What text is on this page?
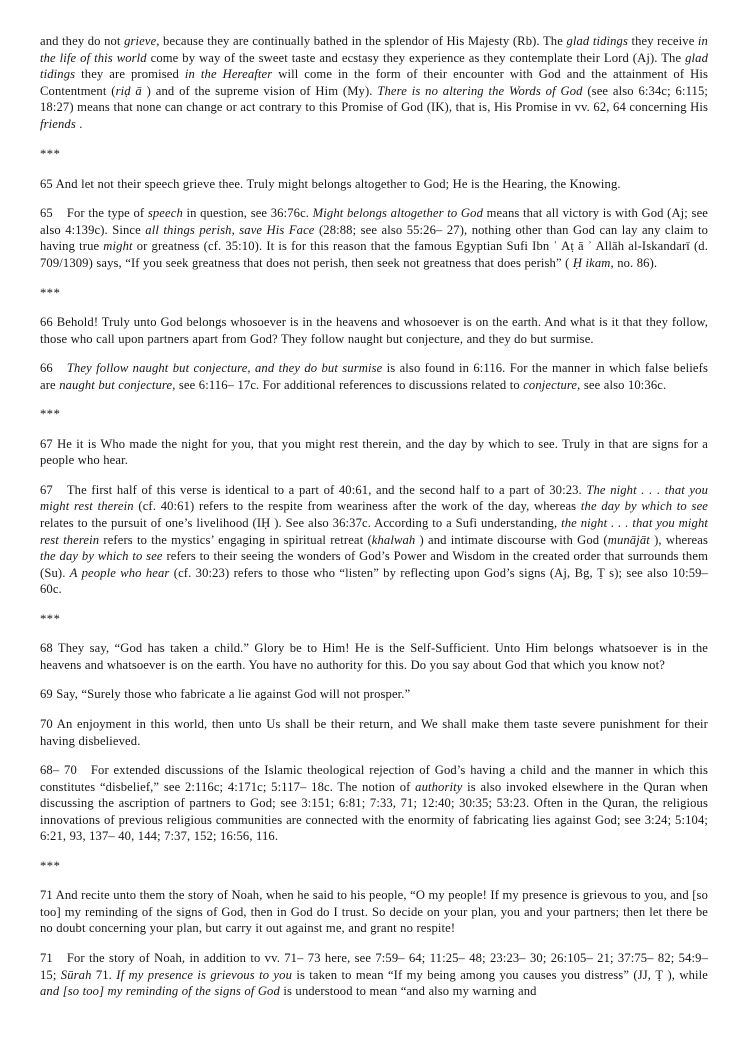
and they do not grieve, because they are continually bathed in the splendor of His Majesty (Rb). The glad tidings they receive in the life of this world come by way of the sweet taste and ecstasy they experience as they contemplate their Lord (Aj). The glad tidings they are promised in the Hereafter will come in the form of their encounter with God and the attainment of His Contentment (riḍ ā ) and of the supreme vision of Him (My). There is no altering the Words of God (see also 6:34c; 6:115; 18:27) means that none can change or act contrary to this Promise of God (IK), that is, His Promise in vv. 62, 64 concerning His friends .
***
65 And let not their speech grieve thee. Truly might belongs altogether to God; He is the Hearing, the Knowing.
65 For the type of speech in question, see 36:76c. Might belongs altogether to God means that all victory is with God (Aj; see also 4:139c). Since all things perish, save His Face (28:88; see also 55:26– 27), nothing other than God can lay any claim to having true might or greatness (cf. 35:10). It is for this reason that the famous Egyptian Sufi Ibn ʿ Aṭ ā ʾ Allāh al-Iskandarī (d. 709/1309) says, “If you seek greatness that does not perish, then seek not greatness that does perish” ( Ḥ ikam, no. 86).
***
66 Behold! Truly unto God belongs whosoever is in the heavens and whosoever is on the earth. And what is it that they follow, those who call upon partners apart from God? They follow naught but conjecture, and they do but surmise.
66 They follow naught but conjecture, and they do but surmise is also found in 6:116. For the manner in which false beliefs are naught but conjecture, see 6:116– 17c. For additional references to discussions related to conjecture, see also 10:36c.
***
67 He it is Who made the night for you, that you might rest therein, and the day by which to see. Truly in that are signs for a people who hear.
67 The first half of this verse is identical to a part of 40:61, and the second half to a part of 30:23. The night . . . that you might rest therein (cf. 40:61) refers to the respite from weariness after the work of the day, whereas the day by which to see relates to the pursuit of one’s livelihood (IḤ ). See also 36:37c. According to a Sufi understanding, the night . . . that you might rest therein refers to the mystics’ engaging in spiritual retreat (khalwah ) and intimate discourse with God (munājāt ), whereas the day by which to see refers to their seeing the wonders of God’s Power and Wisdom in the created order that surrounds them (Su). A people who hear (cf. 30:23) refers to those who “listen” by reflecting upon God’s signs (Aj, Bg, Ṭ s); see also 10:59– 60c.
***
68 They say, “God has taken a child.” Glory be to Him! He is the Self-Sufficient. Unto Him belongs whatsoever is in the heavens and whatsoever is on the earth. You have no authority for this. Do you say about God that which you know not?
69 Say, “Surely those who fabricate a lie against God will not prosper.”
70 An enjoyment in this world, then unto Us shall be their return, and We shall make them taste severe punishment for their having disbelieved.
68– 70 For extended discussions of the Islamic theological rejection of God’s having a child and the manner in which this constitutes “disbelief,” see 2:116c; 4:171c; 5:117– 18c. The notion of authority is also invoked elsewhere in the Quran when discussing the ascription of partners to God; see 3:151; 6:81; 7:33, 71; 12:40; 30:35; 53:23. Often in the Quran, the religious innovations of previous religious communities are connected with the enormity of fabricating lies against God; see 3:24; 5:104; 6:21, 93, 137– 40, 144; 7:37, 152; 16:56, 116.
***
71 And recite unto them the story of Noah, when he said to his people, “O my people! If my presence is grievous to you, and [so too] my reminding of the signs of God, then in God do I trust. So decide on your plan, you and your partners; then let there be no doubt concerning your plan, but carry it out against me, and grant no respite!
71 For the story of Noah, in addition to vv. 71– 73 here, see 7:59– 64; 11:25– 48; 23:23– 30; 26:105– 21; 37:75– 82; 54:9– 15; Sūrah 71. If my presence is grievous to you is taken to mean “If my being among you causes you distress” (JJ, Ṭ ), while and [so too] my reminding of the signs of God is understood to mean “and also my warning and
